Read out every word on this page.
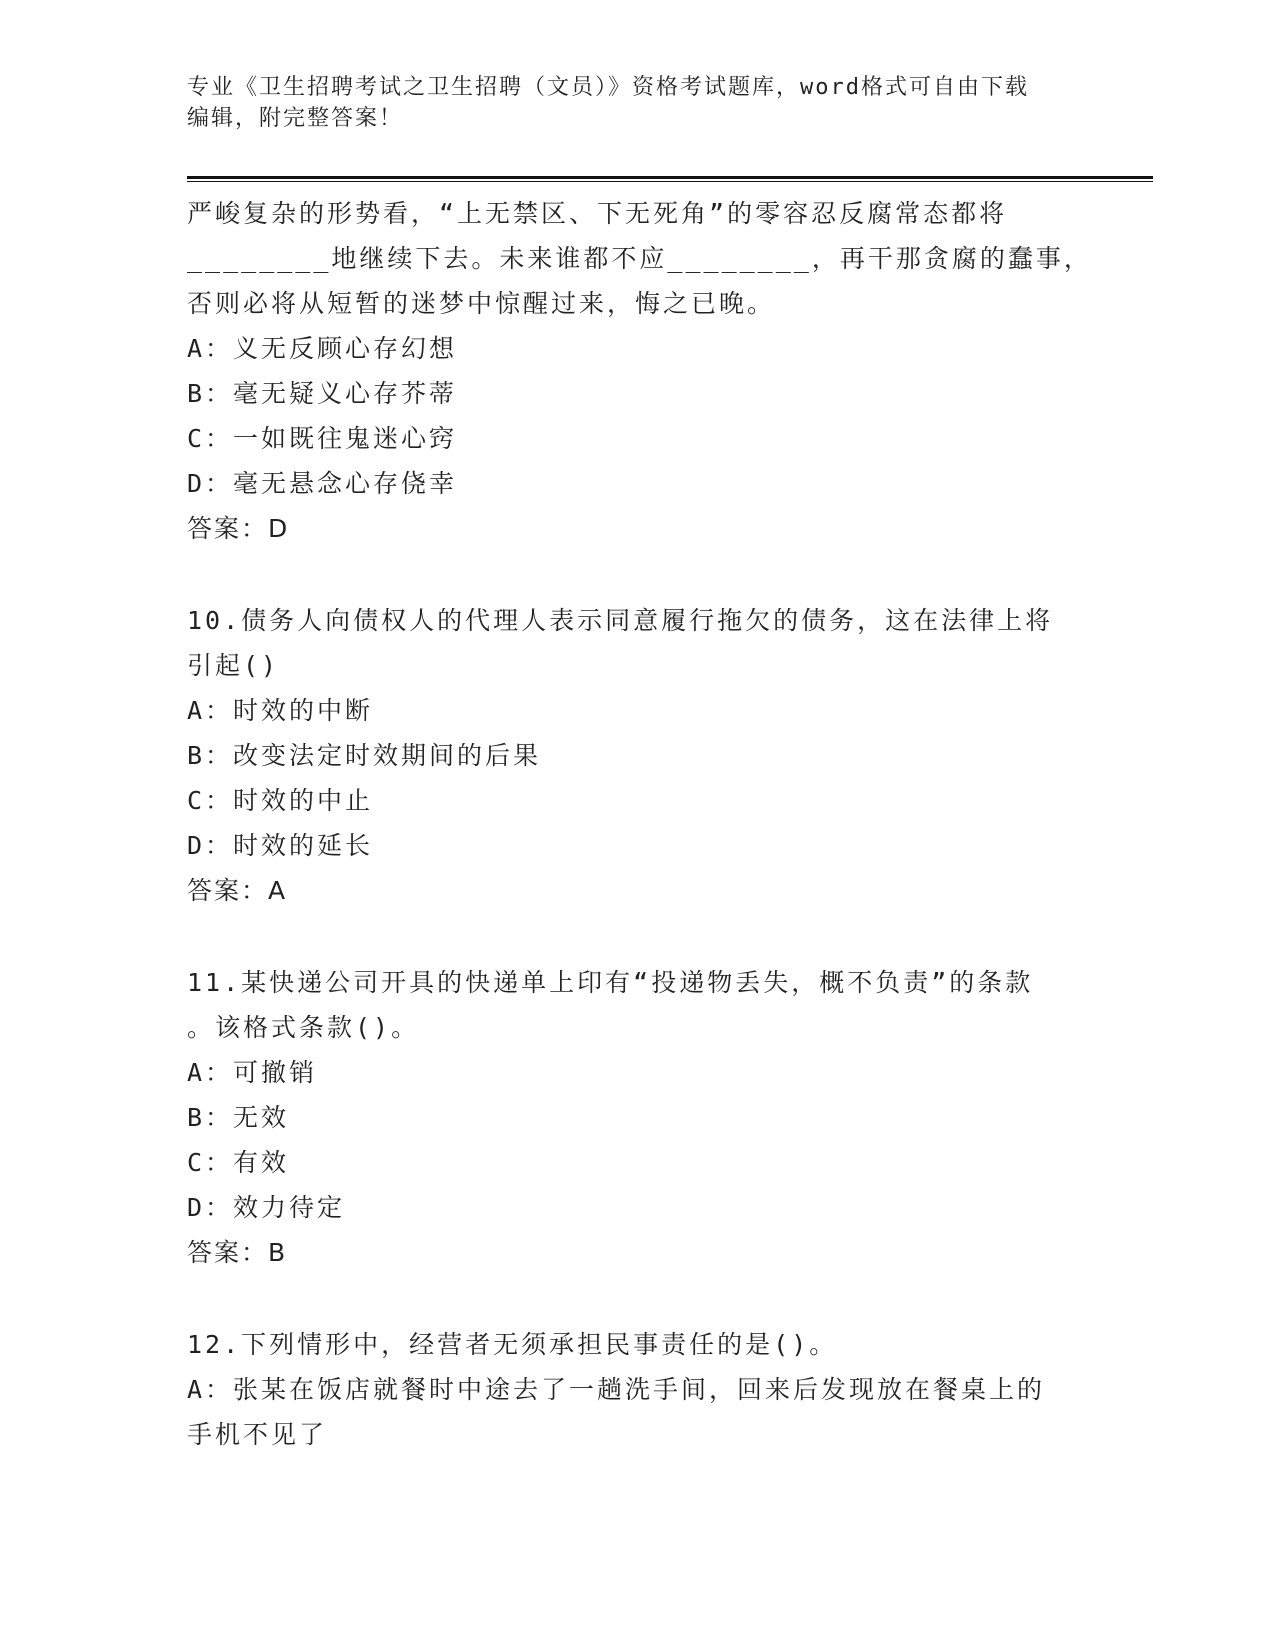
专业《卫生招聘考试之卫生招聘（文员）》资格考试题库，word格式可自由下载
编辑，附完整答案！
严峻复杂的形势看，“上无禁区、下无死角”的零容忍反腐常态都将
________地继续下去。未来谁都不应________，再干那贪腐的蠢事，
否则必将从短暂的迷梦中惊醒过来，悔之已晚。
A：义无反顾心存幻想
B：毫无疑义心存芥蒂
C：一如既往鬼迷心窍
D：毫无悬念心存侥幸
答案：D
10.债务人向债权人的代理人表示同意履行拖欠的债务，这在法律上将
引起()
A：时效的中断
B：改变法定时效期间的后果
C：时效的中止
D：时效的延长
答案：A
11.某快递公司开具的快递单上印有“投递物丢失，概不负责”的条款
。该格式条款()。
A：可撤销
B：无效
C：有效
D：效力待定
答案：B
12.下列情形中，经营者无须承担民事责任的是()。
A：张某在饭店就餐时中途去了一趟洗手间，回来后发现放在餐桌上的
手机不见了
